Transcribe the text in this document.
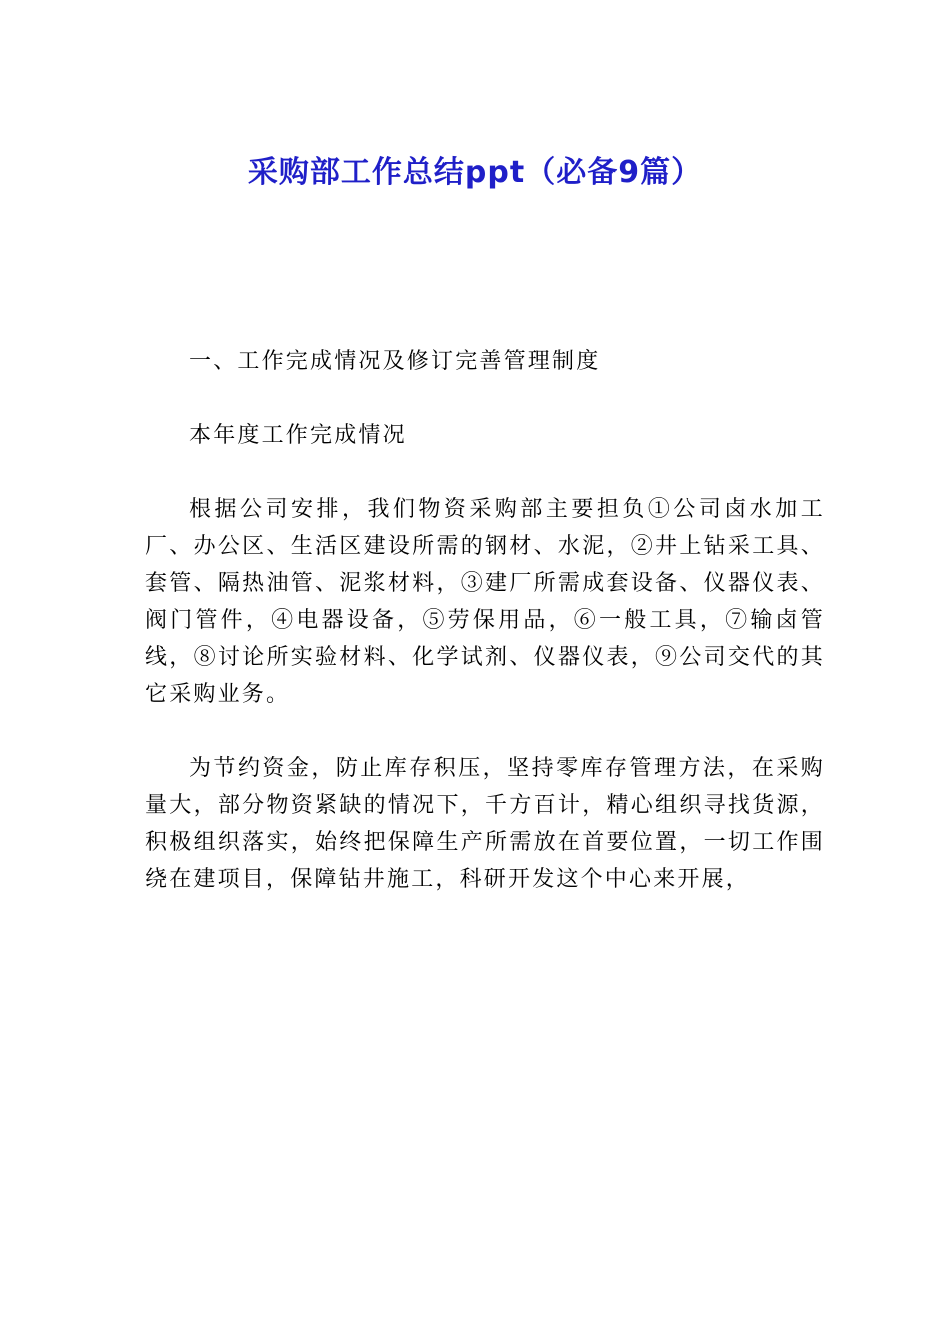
采购部工作总结ppt（必备9篇）

一、工作完成情况及修订完善管理制度

本年度工作完成情况

根据公司安排，我们物资采购部主要担负①公司卤水加工厂、办公区、生活区建设所需的钢材、水泥，②井上钻采工具、套管、隔热油管、泥浆材料，③建厂所需成套设备、仪器仪表、阀门管件，④电器设备，⑤劳保用品，⑥一般工具，⑦输卤管线，⑧讨论所实验材料、化学试剂、仪器仪表，⑨公司交代的其它采购业务。

为节约资金，防止库存积压，坚持零库存管理方法，在采购量大，部分物资紧缺的情况下，千方百计，精心组织寻找货源，积极组织落实，始终把保障生产所需放在首要位置，一切工作围绕在建项目，保障钻井施工，科研开发这个中心来开展，
